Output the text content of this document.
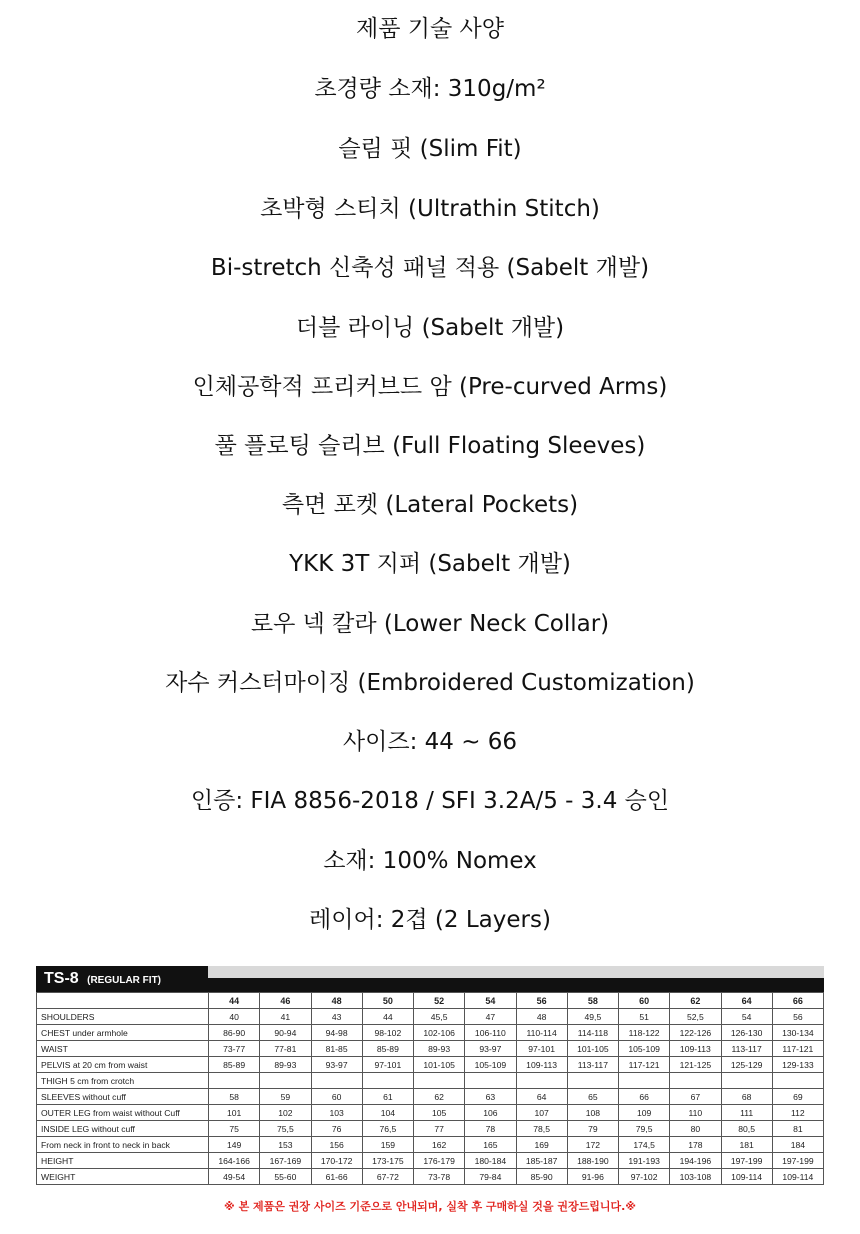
제품 기술 사양
초경량 소재: 310g/m²
슬림 핏 (Slim Fit)
초박형 스티치 (Ultrathin Stitch)
Bi-stretch 신축성 패널 적용 (Sabelt 개발)
더블 라이닝 (Sabelt 개발)
인체공학적 프리커브드 암 (Pre-curved Arms)
풀 플로팅 슬리브 (Full Floating Sleeves)
측면 포켓 (Lateral Pockets)
YKK 3T 지퍼 (Sabelt 개발)
로우 넥 칼라 (Lower Neck Collar)
자수 커스터마이징 (Embroidered Customization)
사이즈: 44 ~ 66
인증: FIA 8856-2018 / SFI 3.2A/5 - 3.4 승인
소재: 100% Nomex
레이어: 2겹 (2 Layers)
TS-8 (REGULAR FIT)
	44	46	48	50	52	54	56	58	60	62	64	66
SHOULDERS	40	41	43	44	45,5	47	48	49,5	51	52,5	54	56
CHEST under armhole	86-90	90-94	94-98	98-102	102-106	106-110	110-114	114-118	118-122	122-126	126-130	130-134
WAIST	73-77	77-81	81-85	85-89	89-93	93-97	97-101	101-105	105-109	109-113	113-117	117-121
PELVIS at 20 cm from waist	85-89	89-93	93-97	97-101	101-105	105-109	109-113	113-117	117-121	121-125	125-129	129-133
THIGH 5 cm from crotch												
SLEEVES without cuff	58	59	60	61	62	63	64	65	66	67	68	69
OUTER LEG from waist without Cuff	101	102	103	104	105	106	107	108	109	110	111	112
INSIDE LEG without cuff	75	75,5	76	76,5	77	78	78,5	79	79,5	80	80,5	81
From neck in front to neck in back	149	153	156	159	162	165	169	172	174,5	178	181	184
HEIGHT	164-166	167-169	170-172	173-175	176-179	180-184	185-187	188-190	191-193	194-196	197-199	197-199
WEIGHT	49-54	55-60	61-66	67-72	73-78	79-84	85-90	91-96	97-102	103-108	109-114	109-114
※ 본 제품은 권장 사이즈 기준으로 안내되며, 실착 후 구매하실 것을 권장드립니다.※
